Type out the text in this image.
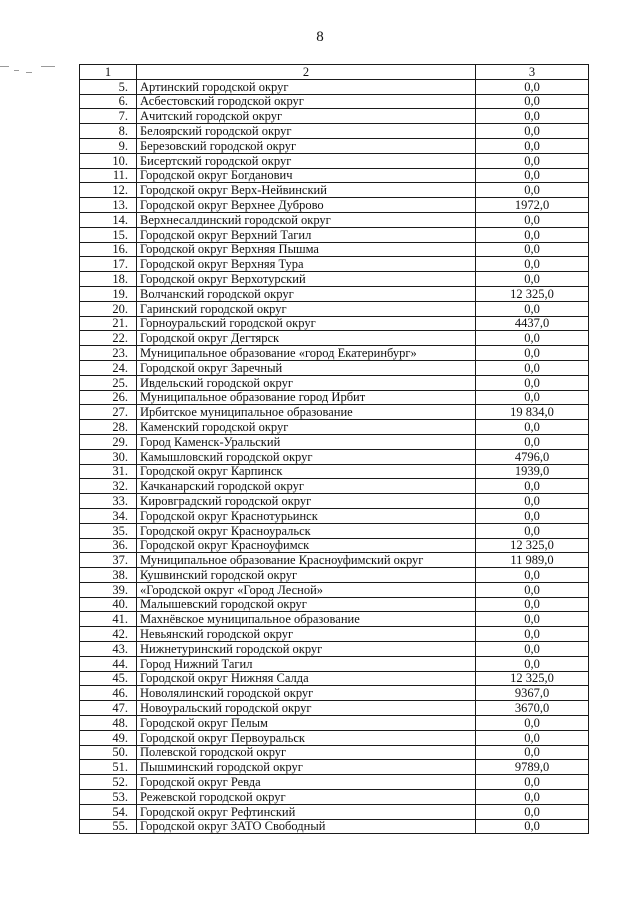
8
1	2	3
5.	Артинский городской округ	0,0
6.	Асбестовский городской округ	0,0
7.	Ачитский городской округ	0,0
8.	Белоярский городской округ	0,0
9.	Березовский городской округ	0,0
10.	Бисертский городской округ	0,0
11.	Городской округ Богданович	0,0
12.	Городской округ Верх-Нейвинский	0,0
13.	Городской округ Верхнее Дуброво	1972,0
14.	Верхнесалдинский городской округ	0,0
15.	Городской округ Верхний Тагил	0,0
16.	Городской округ Верхняя Пышма	0,0
17.	Городской округ Верхняя Тура	0,0
18.	Городской округ Верхотурский	0,0
19.	Волчанский городской округ	12 325,0
20.	Гаринский городской округ	0,0
21.	Горноуральский городской округ	4437,0
22.	Городской округ Дегтярск	0,0
23.	Муниципальное образование «город Екатеринбург»	0,0
24.	Городской округ Заречный	0,0
25.	Ивдельский городской округ	0,0
26.	Муниципальное образование город Ирбит	0,0
27.	Ирбитское муниципальное образование	19 834,0
28.	Каменский городской округ	0,0
29.	Город Каменск-Уральский	0,0
30.	Камышловский городской округ	4796,0
31.	Городской округ Карпинск	1939,0
32.	Качканарский городской округ	0,0
33.	Кировградский городской округ	0,0
34.	Городской округ Краснотурьинск	0,0
35.	Городской округ Красноуральск	0,0
36.	Городской округ Красноуфимск	12 325,0
37.	Муниципальное образование Красноуфимский округ	11 989,0
38.	Кушвинский городской округ	0,0
39.	«Городской округ «Город Лесной»	0,0
40.	Малышевский городской округ	0,0
41.	Махнёвское муниципальное образование	0,0
42.	Невьянский городской округ	0,0
43.	Нижнетуринский городской округ	0,0
44.	Город Нижний Тагил	0,0
45.	Городской округ Нижняя Салда	12 325,0
46.	Новолялинский городской округ	9367,0
47.	Новоуральский городской округ	3670,0
48.	Городской округ Пелым	0,0
49.	Городской округ Первоуральск	0,0
50.	Полевской городской округ	0,0
51.	Пышминский городской округ	9789,0
52.	Городской округ Ревда	0,0
53.	Режевской городской округ	0,0
54.	Городской округ Рефтинский	0,0
55.	Городской округ ЗАТО Свободный	0,0
